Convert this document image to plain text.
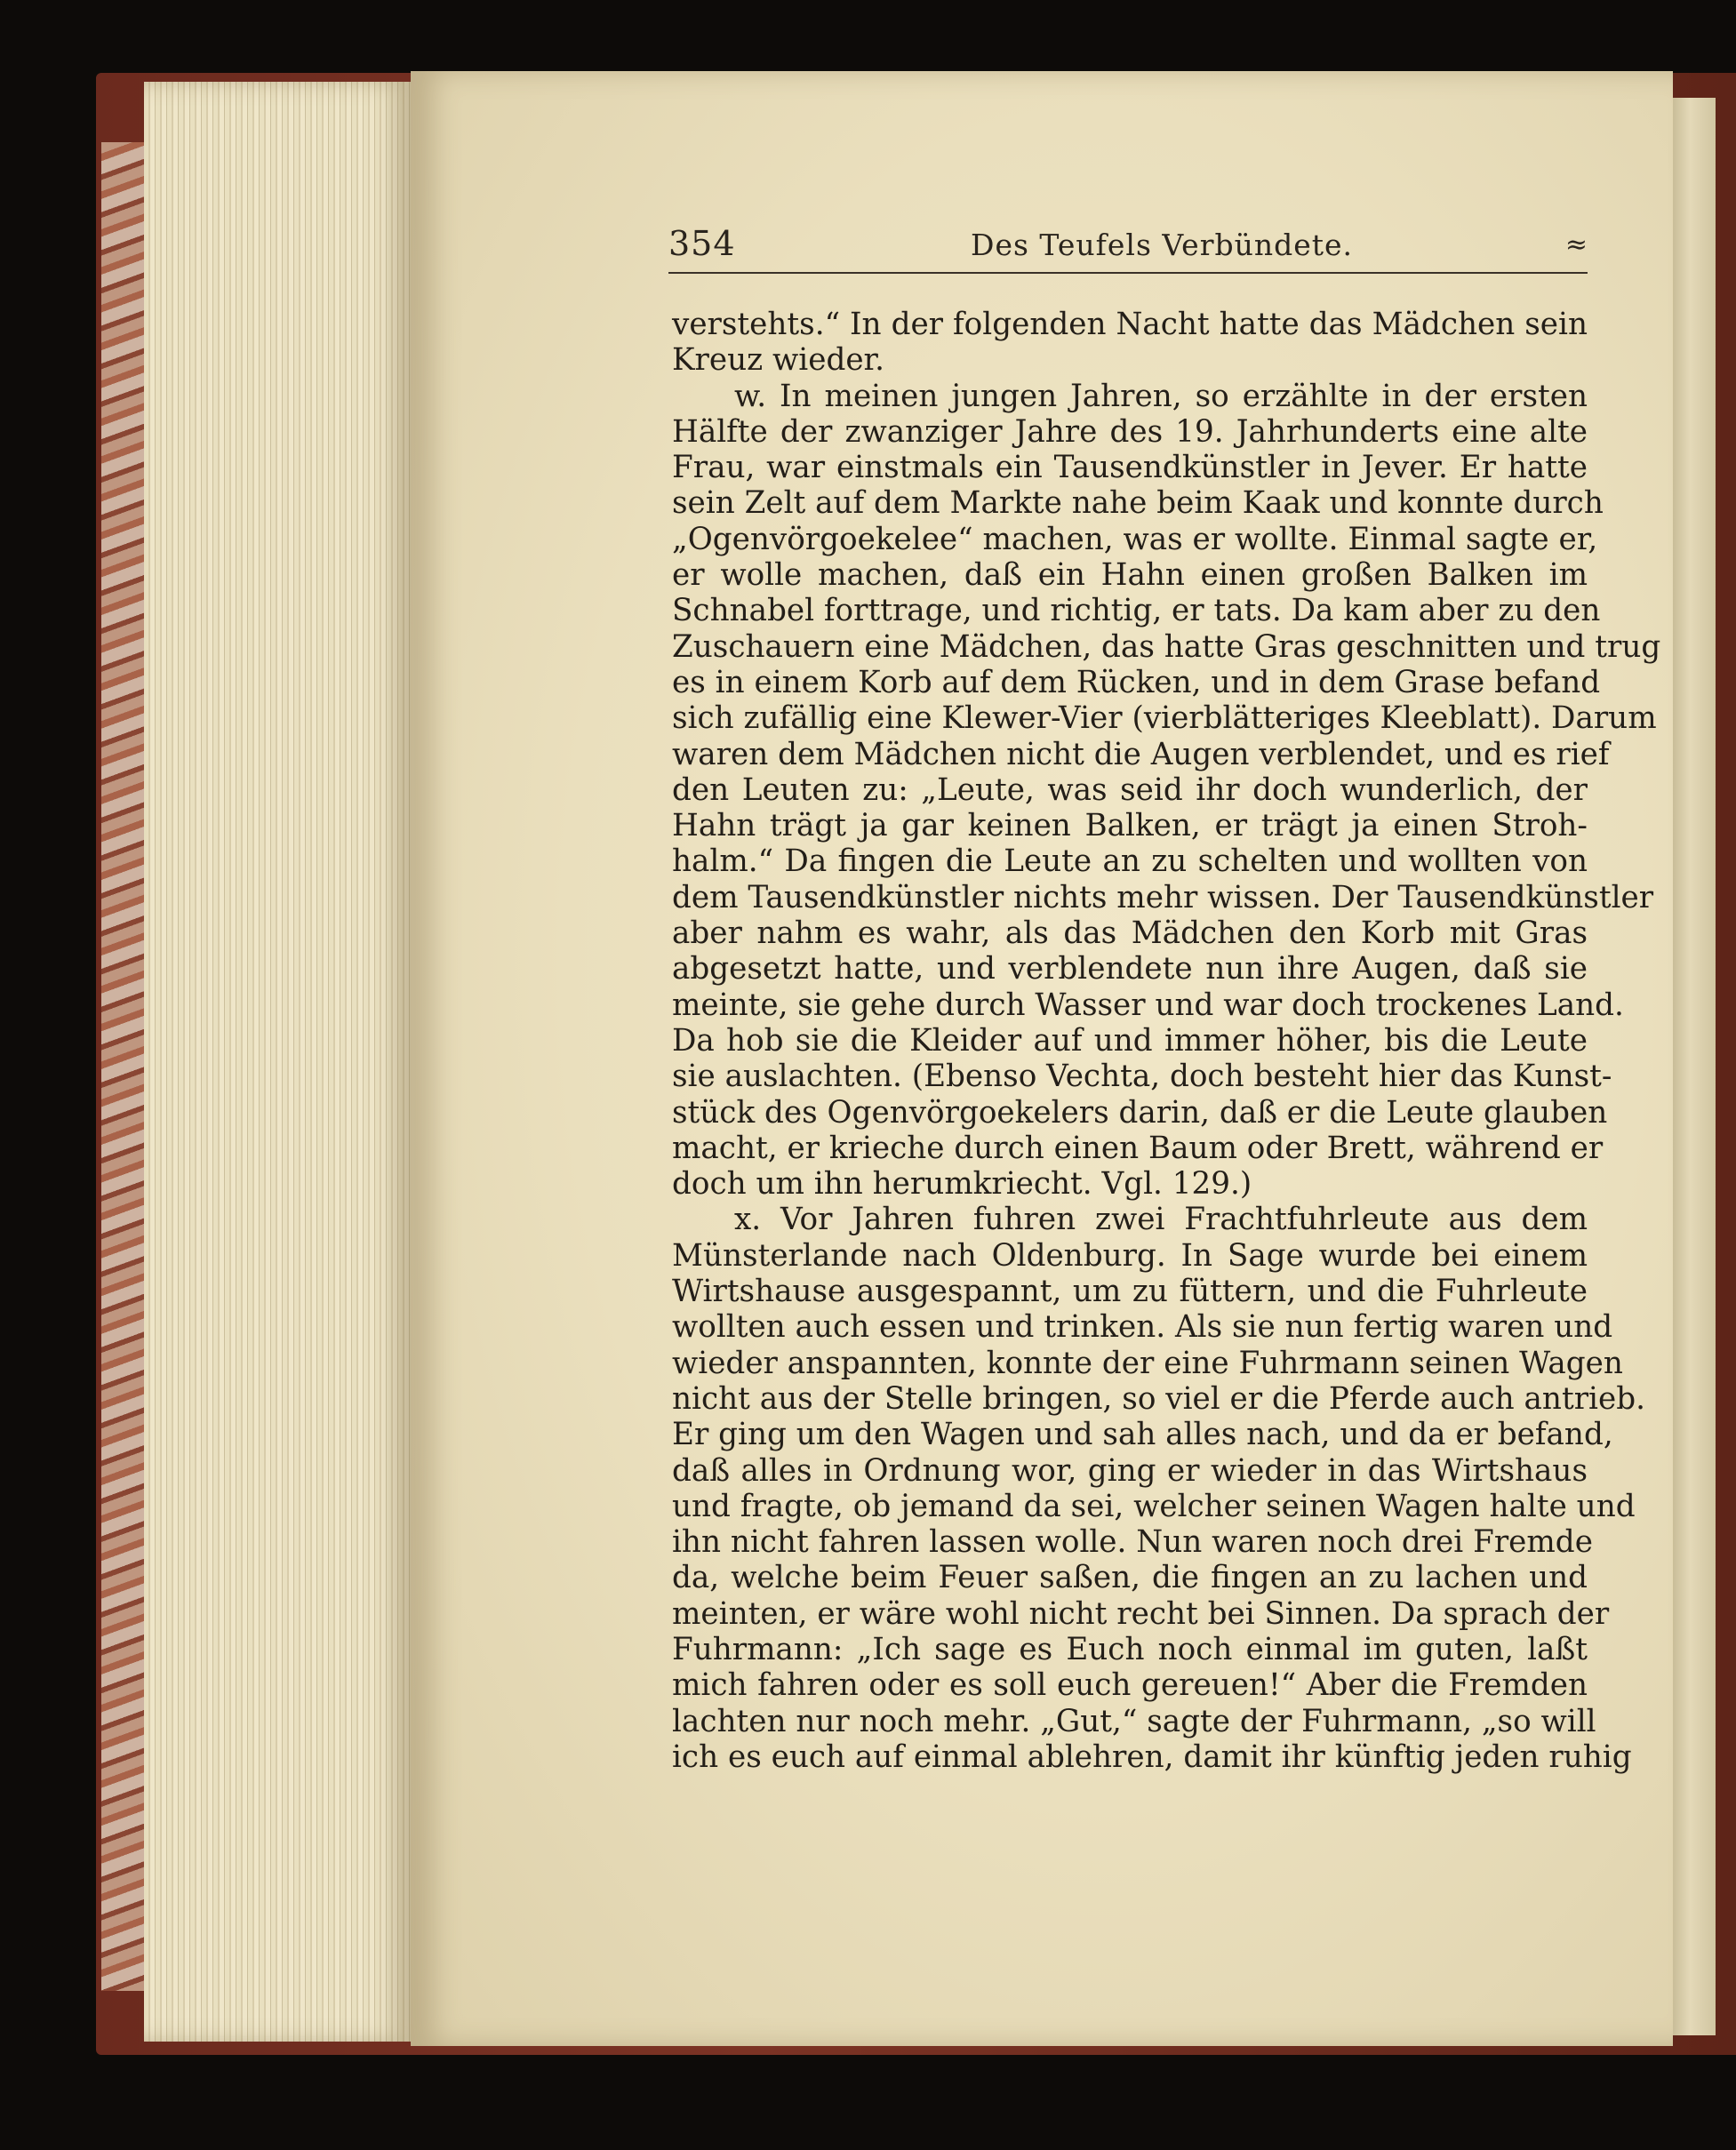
354	Des Teufels Verbündete.	≈
verstehts.“ In der folgenden Nacht hatte das Mädchen sein
Kreuz wieder.
w. In meinen jungen Jahren, so erzählte in der ersten
Hälfte der zwanziger Jahre des 19. Jahrhunderts eine alte
Frau, war einstmals ein Tausendkünstler in Jever. Er hatte
sein Zelt auf dem Markte nahe beim Kaak und konnte durch
„Ogenvörgoekelee“ machen, was er wollte. Einmal sagte er,
er wolle machen, daß ein Hahn einen großen Balken im
Schnabel forttrage, und richtig, er tats. Da kam aber zu den
Zuschauern eine Mädchen, das hatte Gras geschnitten und trug
es in einem Korb auf dem Rücken, und in dem Grase befand
sich zufällig eine Klewer-Vier (vierblätteriges Kleeblatt). Darum
waren dem Mädchen nicht die Augen verblendet, und es rief
den Leuten zu: „Leute, was seid ihr doch wunderlich, der
Hahn trägt ja gar keinen Balken, er trägt ja einen Stroh-
halm.“ Da fingen die Leute an zu schelten und wollten von
dem Tausendkünstler nichts mehr wissen. Der Tausendkünstler
aber nahm es wahr, als das Mädchen den Korb mit Gras
abgesetzt hatte, und verblendete nun ihre Augen, daß sie
meinte, sie gehe durch Wasser und war doch trockenes Land.
Da hob sie die Kleider auf und immer höher, bis die Leute
sie auslachten. (Ebenso Vechta, doch besteht hier das Kunst-
stück des Ogenvörgoekelers darin, daß er die Leute glauben
macht, er krieche durch einen Baum oder Brett, während er
doch um ihn herumkriecht. Vgl. 129.)
x. Vor Jahren fuhren zwei Frachtfuhrleute aus dem
Münsterlande nach Oldenburg. In Sage wurde bei einem
Wirtshause ausgespannt, um zu füttern, und die Fuhrleute
wollten auch essen und trinken. Als sie nun fertig waren und
wieder anspannten, konnte der eine Fuhrmann seinen Wagen
nicht aus der Stelle bringen, so viel er die Pferde auch antrieb.
Er ging um den Wagen und sah alles nach, und da er befand,
daß alles in Ordnung wor, ging er wieder in das Wirtshaus
und fragte, ob jemand da sei, welcher seinen Wagen halte und
ihn nicht fahren lassen wolle. Nun waren noch drei Fremde
da, welche beim Feuer saßen, die fingen an zu lachen und
meinten, er wäre wohl nicht recht bei Sinnen. Da sprach der
Fuhrmann: „Ich sage es Euch noch einmal im guten, laßt
mich fahren oder es soll euch gereuen!“ Aber die Fremden
lachten nur noch mehr. „Gut,“ sagte der Fuhrmann, „so will
ich es euch auf einmal ablehren, damit ihr künftig jeden ruhig
